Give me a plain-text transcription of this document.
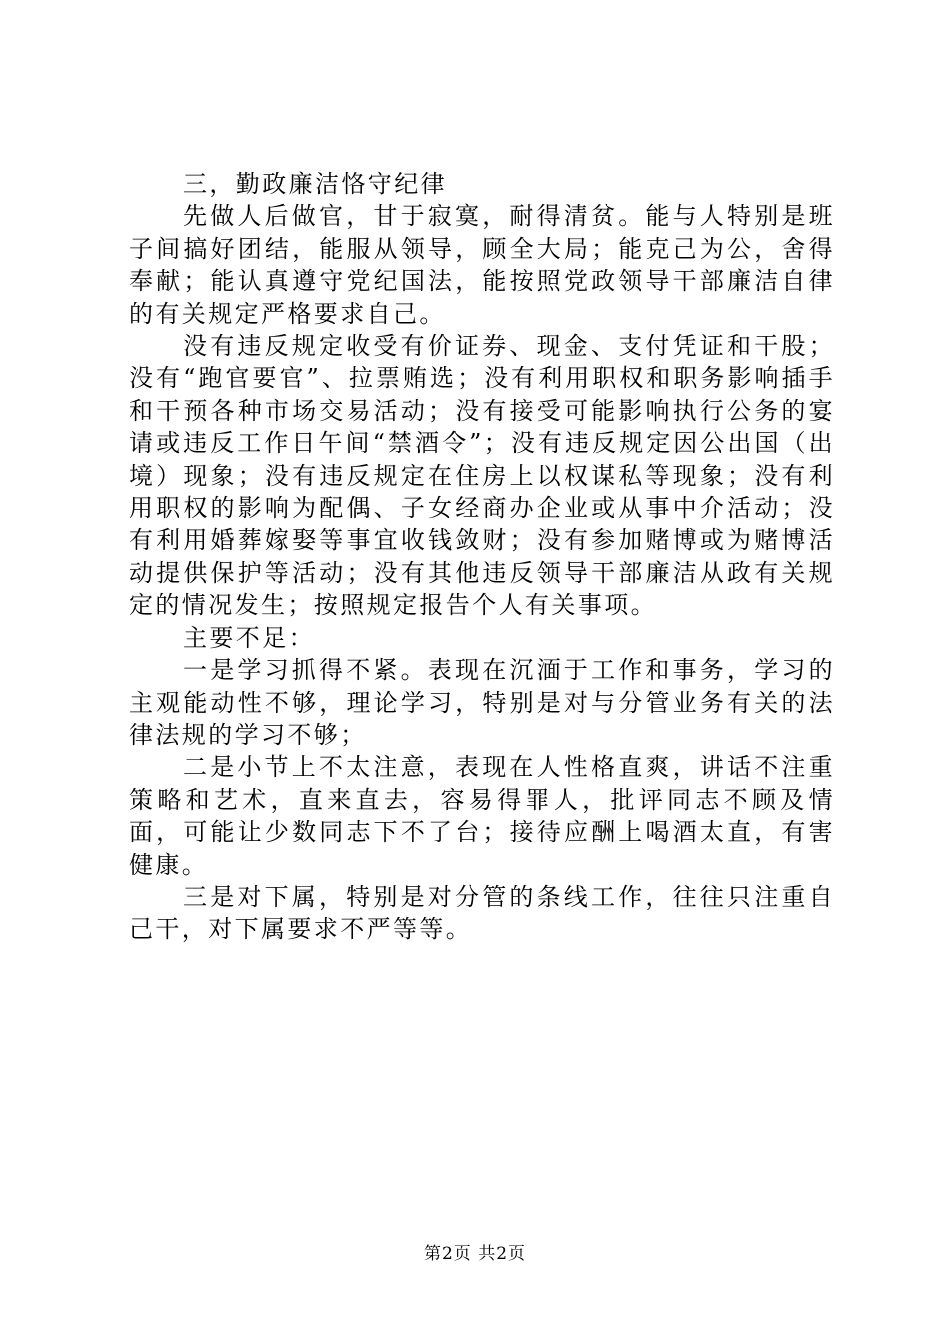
三，勤政廉洁恪守纪律

先做人后做官，甘于寂寞，耐得清贫。能与人特别是班子间搞好团结，能服从领导，顾全大局；能克己为公，舍得奉献；能认真遵守党纪国法，能按照党政领导干部廉洁自律的有关规定严格要求自己。

没有违反规定收受有价证券、现金、支付凭证和干股；没有“跑官要官”、拉票贿选；没有利用职权和职务影响插手和干预各种市场交易活动；没有接受可能影响执行公务的宴请或违反工作日午间“禁酒令”；没有违反规定因公出国（出境）现象；没有违反规定在住房上以权谋私等现象；没有利用职权的影响为配偶、子女经商办企业或从事中介活动；没有利用婚葬嫁娶等事宜收钱敛财；没有参加赌博或为赌博活动提供保护等活动；没有其他违反领导干部廉洁从政有关规定的情况发生；按照规定报告个人有关事项。

主要不足：

一是学习抓得不紧。表现在沉湎于工作和事务，学习的主观能动性不够，理论学习，特别是对与分管业务有关的法律法规的学习不够；

二是小节上不太注意，表现在人性格直爽，讲话不注重策略和艺术，直来直去，容易得罪人，批评同志不顾及情面，可能让少数同志下不了台；接待应酬上喝酒太直，有害健康。

三是对下属，特别是对分管的条线工作，往往只注重自己干，对下属要求不严等等。

第2页 共2页
